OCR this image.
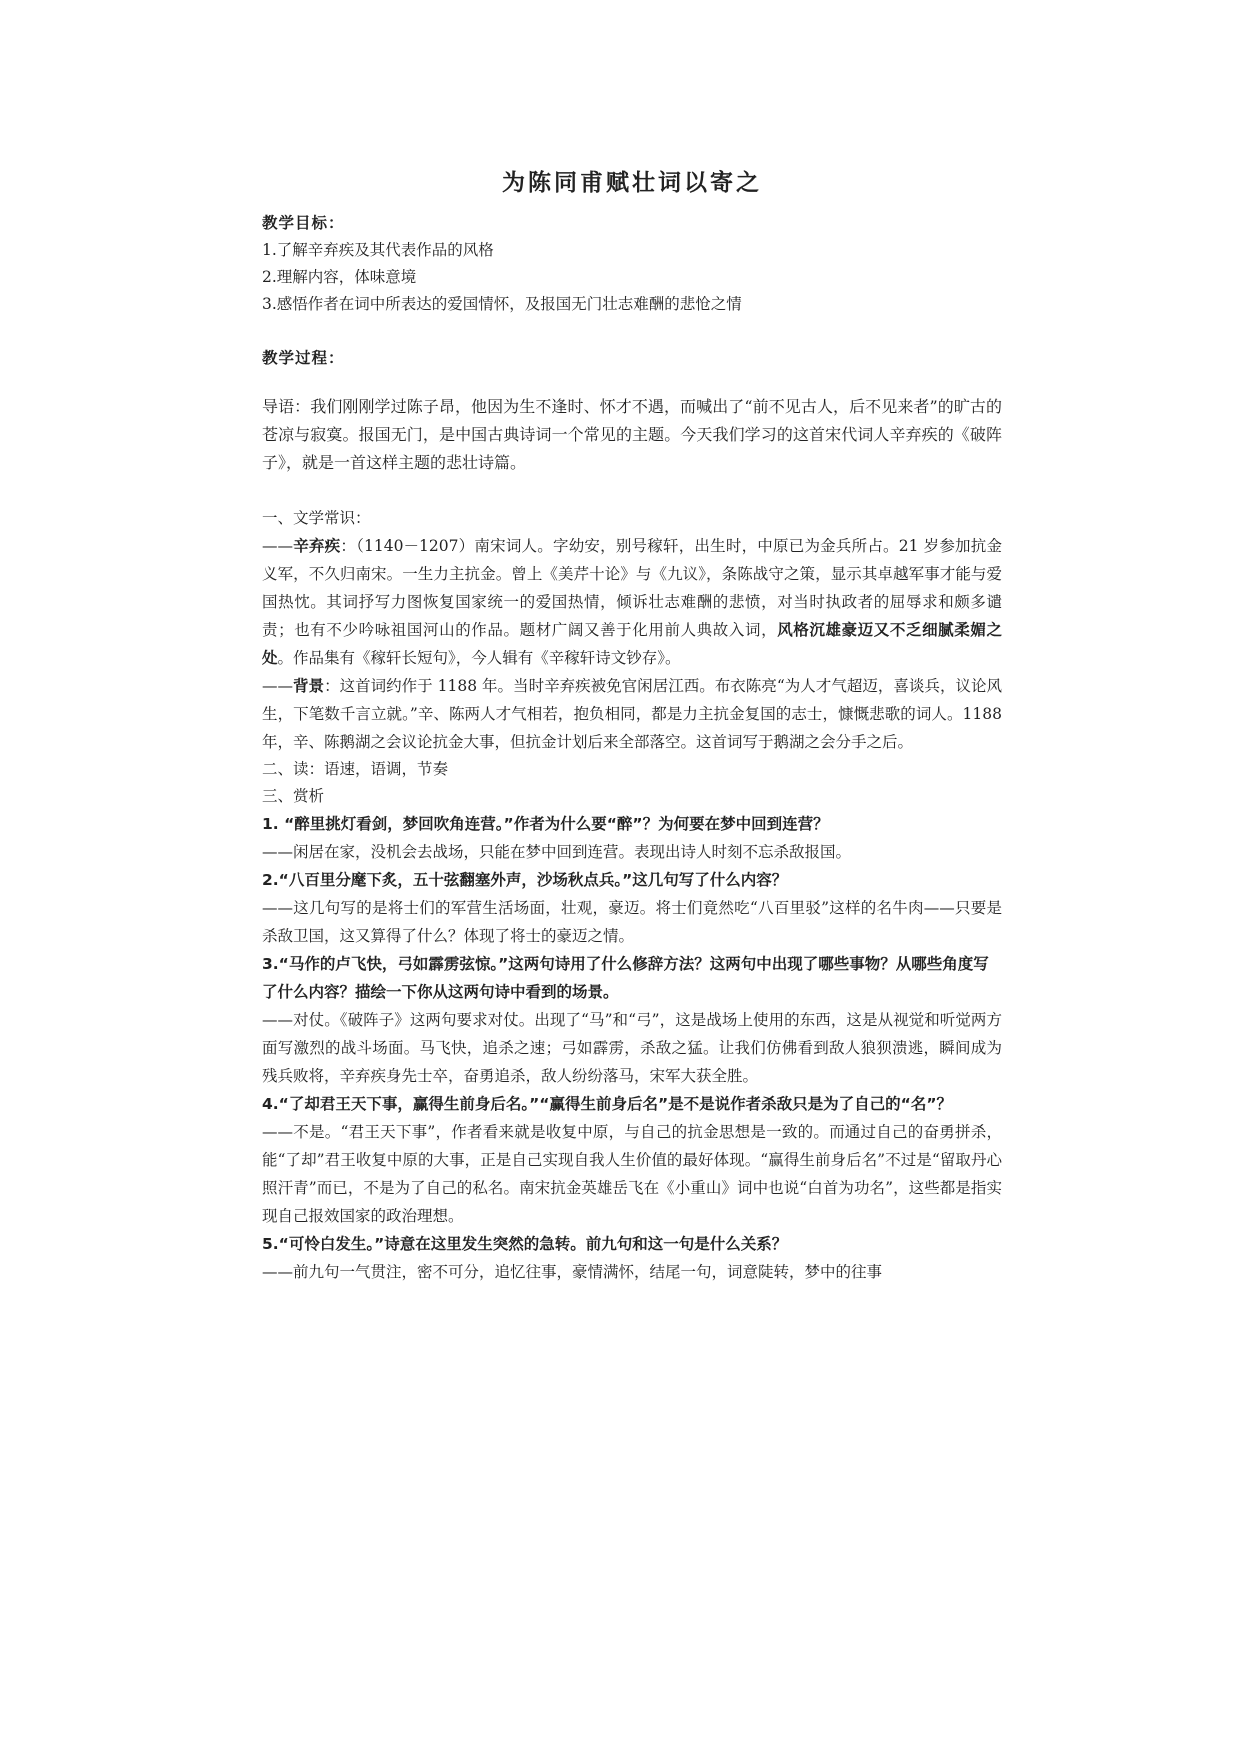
为陈同甫赋壮词以寄之
教学目标：
1.了解辛弃疾及其代表作品的风格
2.理解内容，体味意境
3.感悟作者在词中所表达的爱国情怀，及报国无门壮志难酬的悲怆之情
教学过程：
导语：我们刚刚学过陈子昂，他因为生不逢时、怀才不遇，而喊出了“前不见古人，后不见来者”的旷古的苍凉与寂寞。报国无门，是中国古典诗词一个常见的主题。今天我们学习的这首宋代词人辛弃疾的《破阵子》，就是一首这样主题的悲壮诗篇。
一、文学常识：
——辛弃疾：（1140－1207）南宋词人。字幼安，别号稼轩，出生时，中原已为金兵所占。21 岁参加抗金义军，不久归南宋。一生力主抗金。曾上《美芹十论》与《九议》，条陈战守之策，显示其卓越军事才能与爱国热忱。其词抒写力图恢复国家统一的爱国热情，倾诉壮志难酬的悲愤，对当时执政者的屈辱求和颇多谴责；也有不少吟咏祖国河山的作品。题材广阔又善于化用前人典故入词，风格沉雄豪迈又不乏细腻柔媚之处。作品集有《稼轩长短句》，今人辑有《辛稼轩诗文钞存》。
——背景：这首词约作于 1188 年。当时辛弃疾被免官闲居江西。布衣陈亮“为人才气超迈，喜谈兵，议论风生，下笔数千言立就。”辛、陈两人才气相若，抱负相同，都是力主抗金复国的志士，慷慨悲歌的词人。1188 年，辛、陈鹅湖之会议论抗金大事，但抗金计划后来全部落空。这首词写于鹅湖之会分手之后。
二、读：语速，语调，节奏
三、赏析
1. “醉里挑灯看剑，梦回吹角连营。”作者为什么要“醉”？为何要在梦中回到连营？
——闲居在家，没机会去战场，只能在梦中回到连营。表现出诗人时刻不忘杀敌报国。
2.“八百里分麾下炙，五十弦翻塞外声，沙场秋点兵。”这几句写了什么内容？
——这几句写的是将士们的军营生活场面，壮观，豪迈。将士们竟然吃“八百里驳”这样的名牛肉——只要是杀敌卫国，这又算得了什么？体现了将士的豪迈之情。
3.“马作的卢飞快，弓如霹雳弦惊。”这两句诗用了什么修辞方法？这两句中出现了哪些事物？从哪些角度写了什么内容？描绘一下你从这两句诗中看到的场景。
——对仗。《破阵子》这两句要求对仗。出现了“马”和“弓”，这是战场上使用的东西，这是从视觉和听觉两方面写激烈的战斗场面。马飞快，追杀之速；弓如霹雳，杀敌之猛。让我们仿佛看到敌人狼狈溃逃，瞬间成为残兵败将，辛弃疾身先士卒，奋勇追杀，敌人纷纷落马，宋军大获全胜。
4.“了却君王天下事，赢得生前身后名。”“赢得生前身后名”是不是说作者杀敌只是为了自己的“名”？
——不是。“君王天下事”，作者看来就是收复中原，与自己的抗金思想是一致的。而通过自己的奋勇拼杀，能“了却”君王收复中原的大事，正是自己实现自我人生价值的最好体现。“赢得生前身后名”不过是“留取丹心照汗青”而已，不是为了自己的私名。南宋抗金英雄岳飞在《小重山》词中也说“白首为功名”，这些都是指实现自己报效国家的政治理想。
5.“可怜白发生。”诗意在这里发生突然的急转。前九句和这一句是什么关系？
——前九句一气贯注，密不可分，追忆往事，豪情满怀，结尾一句，词意陡转，梦中的往事
